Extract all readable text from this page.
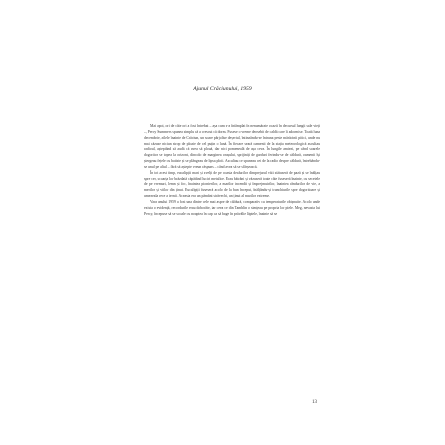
Ajunul Crăciunului, 1959

Mai apoi, ori de câte ori a fost întrebat – așa cum s-a întâmplat în nenumărate ocazii în decursul lungii sale vieți –, Percy Summers spunea simplu că a crescut că dorm. Fusese o vreme deosebit de caldă care îi adormise. Toată luna decembrie, zilele înainte de Crăciun, un soare pârjolise deșertul, întinzându-se întruna peste mărăcinii pitici, unde nu mai căzuse niciun strop de ploaie de cel puțin o lună. În fiecare seară oamenii de la stația meteorologică ascultau radioul, așteptând să audă că avea să plouă, dar nici pomeneală de așa ceva. În lungile amiezi, pe când soarele dogoritor se topea la orizont, dincolo de marginea orașului, sprijiniți de garduri ferindu-se de căldură, oamenii își ștergeau fețele cu batiste și se plângeau de lipsa ploii. Ascultau ce spuneau cei de la radio despre căldură, întrebându-se unul pe altul – fără să aștepte vreun răspuns – când avea să se sfârșească.

În tot acest timp, eucalipții mari și zvelți de pe coasta dealurilor dimprejurul văii stătuseră de pază și se înălțau spre cer, scoarța lor brăzdată căpătând luciri metalice. Erau bătrâni și văzuseră toate câte fuseseră înainte, cu secetele de pe vremuri, lemn și foc, înaintea pionierilor, a marilor incendii și împrejmuirilor, înaintea rândurilor de vie, a merilor și viilor din ținut. Eucalipții fuseseră acolo de la bun început, înălțându-și trunchiurile spre dogoritoare și umezeala rece a iernii. Aceasta era un pământ străvechi, un ținut al marilor extreme.

Vara anului 1959 a fost una dintre cele mai aspre de căldură, comparativ cu temperaturile obișnuite. Acolo unde exista o evidență, recordurile erau doborâte, iar ceea ce din Tamblin o simțeau pe propria lor piele. Meg, nevasta lui Percy, începuse să se scoale cu noaptea în cap ca să bage în prăvălie lăptele, înainte să se

13
